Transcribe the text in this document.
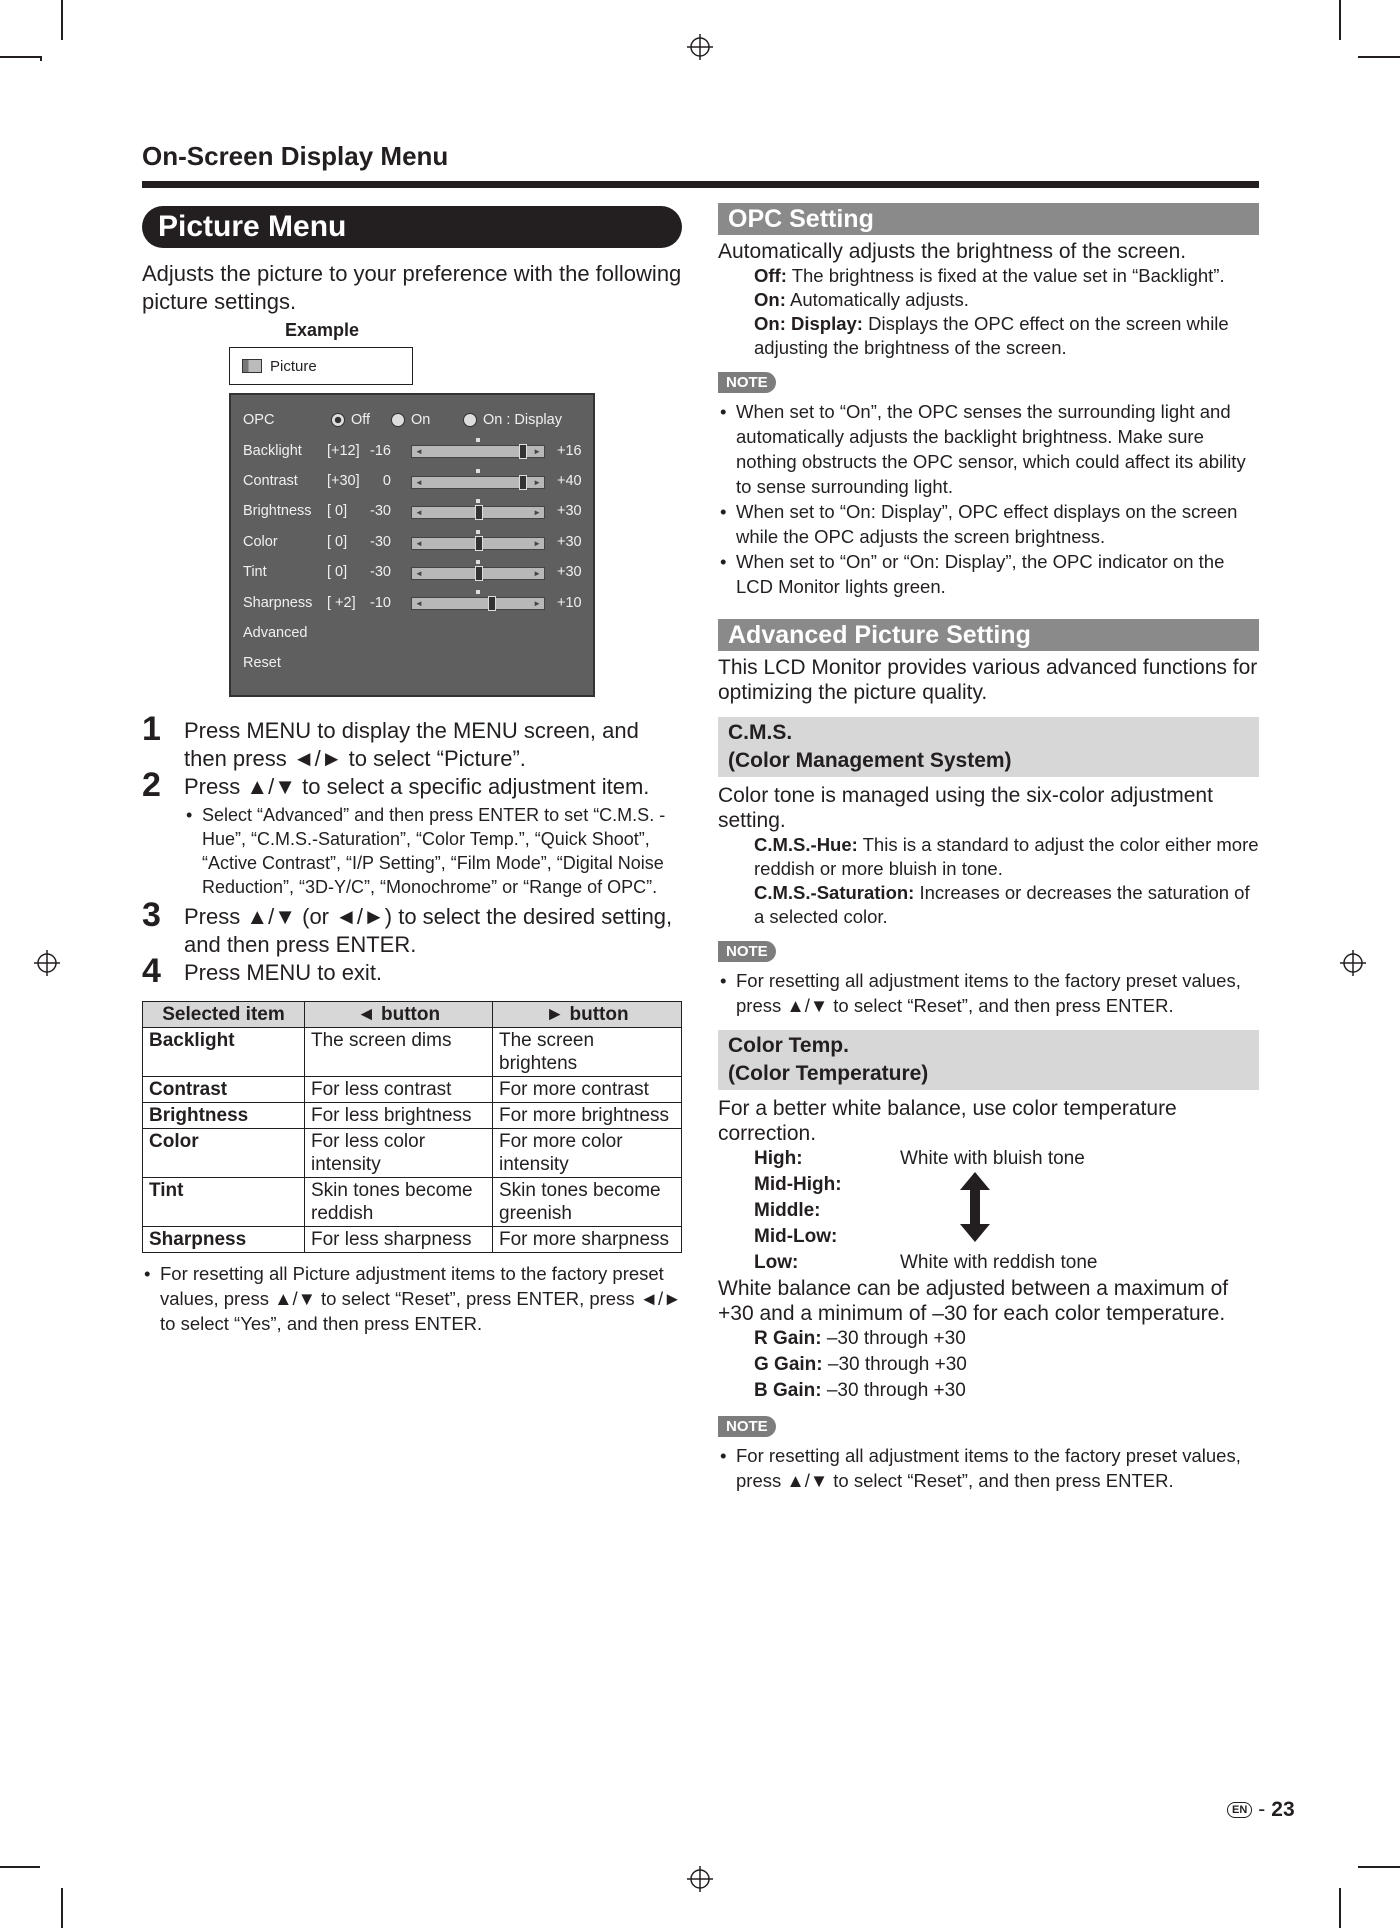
On-Screen Display Menu
Picture Menu
Adjusts the picture to your preference with the following picture settings.
Example
Picture
OPC	Off	On	On : Display
Backlight [+12] -16	◄	► +16
Contrast [+30]	0	◄	► +40
Brightness [ 0]	-30	◄	► +30
Color	[ 0]	-30	◄	► +30
Tint	[ 0]	-30	◄	► +30
Sharpness [ +2] -10	◄	► +10
Advanced
Reset
1 Press MENU to display the MENU screen, and then press ◄/► to select “Picture”.
2 Press ▲/▼ to select a specific adjustment item.
• Select “Advanced” and then press ENTER to set “C.M.S. -Hue”, “C.M.S.-Saturation”, “Color Temp.”, “Quick Shoot”, “Active Contrast”, “I/P Setting”, “Film Mode”, “Digital Noise Reduction”, “3D-Y/C”, “Monochrome” or “Range of OPC”.
3 Press ▲/▼ (or ◄/►) to select the desired setting, and then press ENTER.
4 Press MENU to exit.
Selected item	◄ button	► button
Backlight	The screen dims	The screen brightens
Contrast	For less contrast	For more contrast
Brightness	For less brightness	For more brightness
Color	For less color intensity	For more color intensity
Tint	Skin tones become reddish	Skin tones become greenish
Sharpness	For less sharpness	For more sharpness
• For resetting all Picture adjustment items to the factory preset values, press ▲/▼ to select “Reset”, press ENTER, press ◄/► to select “Yes”, and then press ENTER.
OPC Setting
Automatically adjusts the brightness of the screen.
Off: The brightness is fixed at the value set in “Backlight”.
On: Automatically adjusts.
On: Display: Displays the OPC effect on the screen while adjusting the brightness of the screen.
NOTE
• When set to “On”, the OPC senses the surrounding light and automatically adjusts the backlight brightness. Make sure nothing obstructs the OPC sensor, which could affect its ability to sense surrounding light.
• When set to “On: Display”, OPC effect displays on the screen while the OPC adjusts the screen brightness.
• When set to “On” or “On: Display”, the OPC indicator on the LCD Monitor lights green.
Advanced Picture Setting
This LCD Monitor provides various advanced functions for optimizing the picture quality.
C.M.S.
(Color Management System)
Color tone is managed using the six-color adjustment setting.
C.M.S.-Hue: This is a standard to adjust the color either more reddish or more bluish in tone.
C.M.S.-Saturation: Increases or decreases the saturation of a selected color.
NOTE
• For resetting all adjustment items to the factory preset values, press ▲/▼ to select “Reset”, and then press ENTER.
Color Temp.
(Color Temperature)
For a better white balance, use color temperature correction.
High:	White with bluish tone
Mid-High:
Middle:
Mid-Low:
Low:	White with reddish tone
White balance can be adjusted between a maximum of +30 and a minimum of –30 for each color temperature.
R Gain: –30 through +30
G Gain: –30 through +30
B Gain: –30 through +30
NOTE
• For resetting all adjustment items to the factory preset values, press ▲/▼ to select “Reset”, and then press ENTER.
EN - 23
